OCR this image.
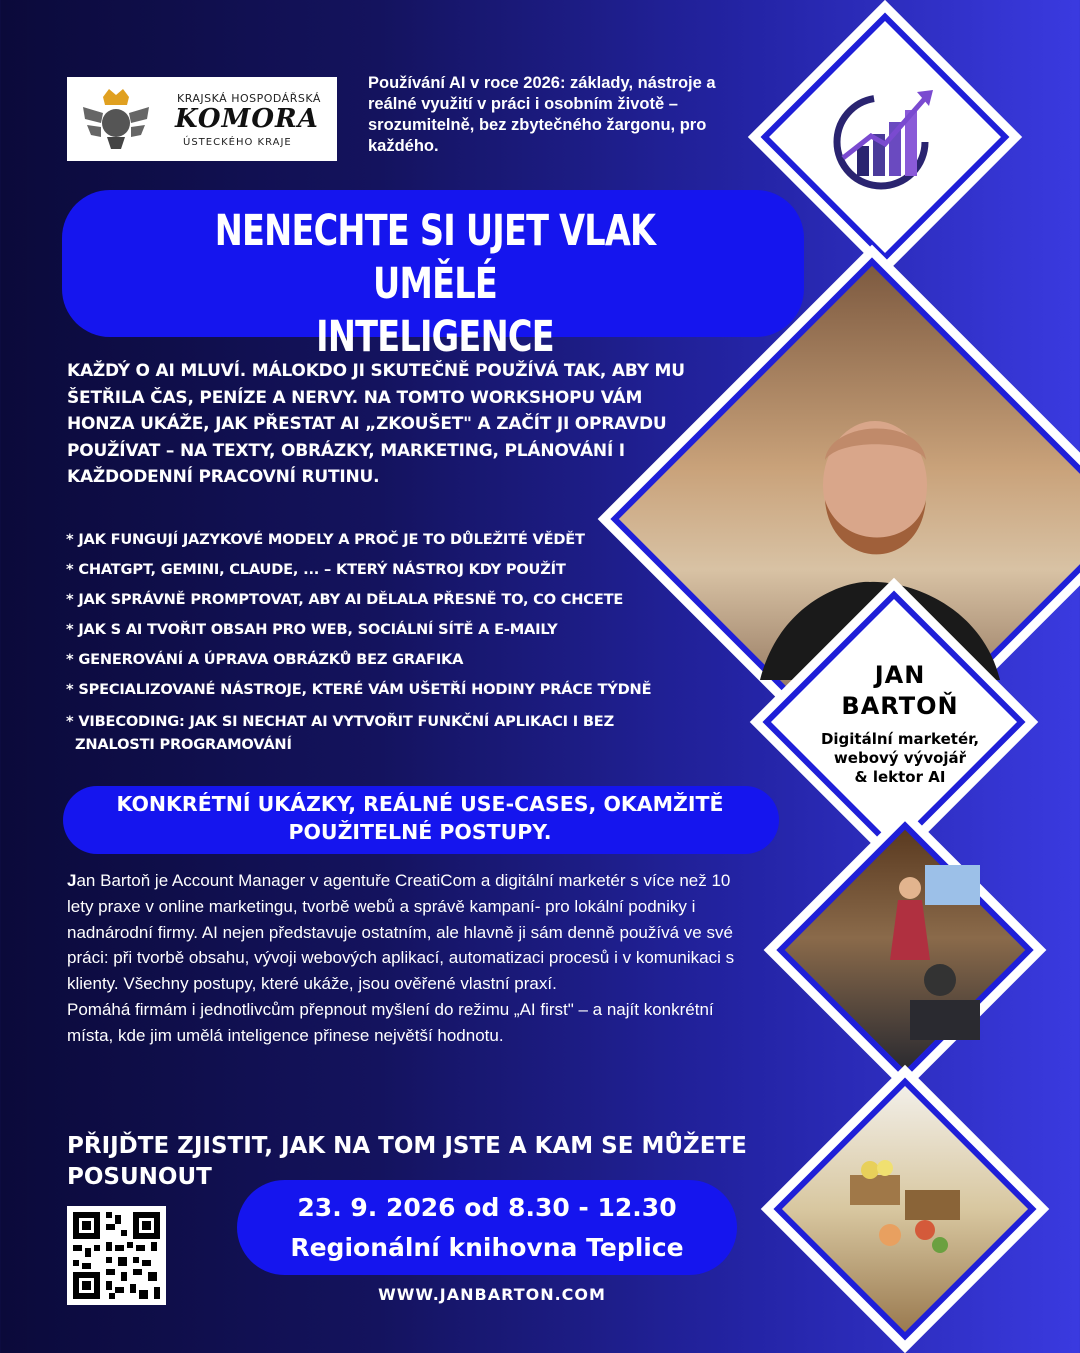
KRAJSKÁ HOSPODÁŘSKÁ
KOMORA
ÚSTECKÉHO KRAJE
Používání AI v roce 2026: základy, nástroje a reálné využití v práci i osobním životě – srozumitelně, bez zbytečného žargonu, pro každého.
JAN
BARTOŇ
Digitální marketér,
webový vývojář
& lektor AI
NENECHTE SI UJET VLAK UMĚLÉ
INTELIGENCE
KAŽDÝ O AI MLUVÍ. MÁLOKDO JI SKUTEČNĚ POUŽÍVÁ TAK, ABY MU ŠETŘILA ČAS, PENÍZE A NERVY. NA TOMTO WORKSHOPU VÁM HONZA UKÁŽE, JAK PŘESTAT AI „ZKOUŠET" A ZAČÍT JI OPRAVDU POUŽÍVAT – NA TEXTY, OBRÁZKY, MARKETING, PLÁNOVÁNÍ I KAŽDODENNÍ PRACOVNÍ RUTINU.
* JAK FUNGUJÍ JAZYKOVÉ MODELY A PROČ JE TO DŮLEŽITÉ VĚDĚT
* CHATGPT, GEMINI, CLAUDE, ... – KTERÝ NÁSTROJ KDY POUŽÍT
* JAK SPRÁVNĚ PROMPTOVAT, ABY AI DĚLALA PŘESNĚ TO, CO CHCETE
* JAK S AI TVOŘIT OBSAH PRO WEB, SOCIÁLNÍ SÍTĚ A E-MAILY
* GENEROVÁNÍ A ÚPRAVA OBRÁZKŮ BEZ GRAFIKA
* SPECIALIZOVANÉ NÁSTROJE, KTERÉ VÁM UŠETŘÍ HODINY PRÁCE TÝDNĚ
* VIBECODING: JAK SI NECHAT AI VYTVOŘIT FUNKČNÍ APLIKACI I BEZ
ZNALOSTI PROGRAMOVÁNÍ
KONKRÉTNÍ UKÁZKY, REÁLNÉ USE-CASES, OKAMŽITĚ POUŽITELNÉ POSTUPY.
Jan Bartoň je Account Manager v agentuře CreatiCom a digitální marketér s více než 10 lety praxe v online marketingu, tvorbě webů a správě kampaní- pro lokální podniky i nadnárodní firmy. AI nejen představuje ostatním, ale hlavně ji sám denně používá ve své práci: při tvorbě obsahu, vývoji webových aplikací, automatizaci procesů i v komunikaci s klienty. Všechny postupy, které ukáže, jsou ověřené vlastní praxí.
Pomáhá firmám i jednotlivcům přepnout myšlení do režimu „AI first" – a najít konkrétní místa, kde jim umělá inteligence přinese největší hodnotu.
PŘIJĎTE ZJISTIT, JAK NA TOM JSTE A KAM SE MŮŽETE POSUNOUT
23. 9. 2026 od 8.30 - 12.30
Regionální knihovna Teplice
WWW.JANBARTON.COM
